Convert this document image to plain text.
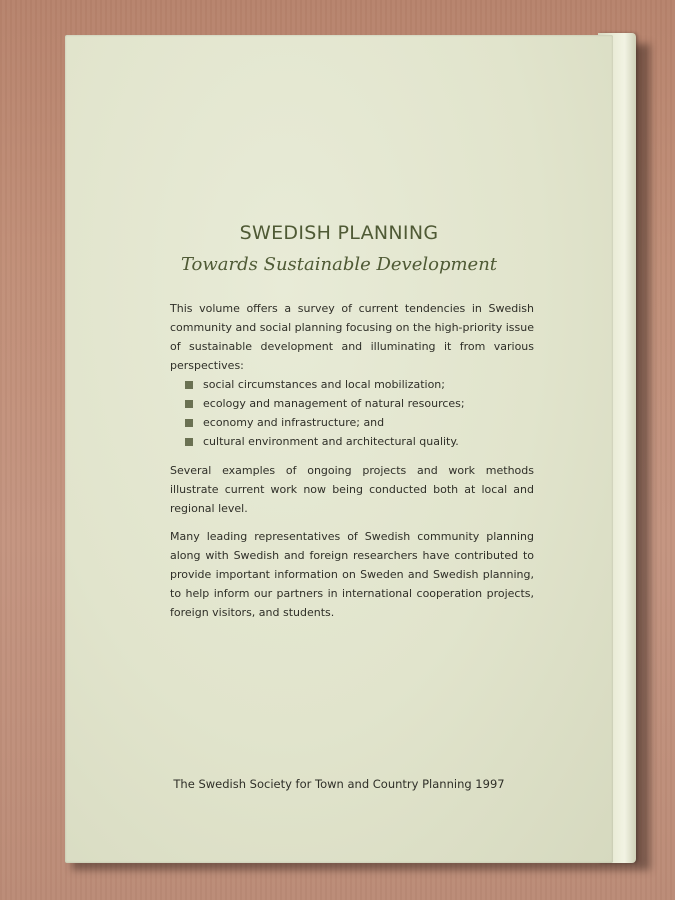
SWEDISH PLANNING
Towards Sustainable Development

This volume offers a survey of current tendencies in Swedish community and social planning focusing on the high-priority issue of sustainable development and illuminating it from various perspectives:

social circumstances and local mobilization;
ecology and management of natural resources;
economy and infrastructure; and
cultural environment and architectural quality.

Several examples of ongoing projects and work methods illustrate current work now being conducted both at local and regional level.

Many leading representatives of Swedish community planning along with Swedish and foreign researchers have contributed to provide important information on Sweden and Swedish planning, to help inform our partners in international cooperation projects, foreign visitors, and students.

The Swedish Society for Town and Country Planning 1997
